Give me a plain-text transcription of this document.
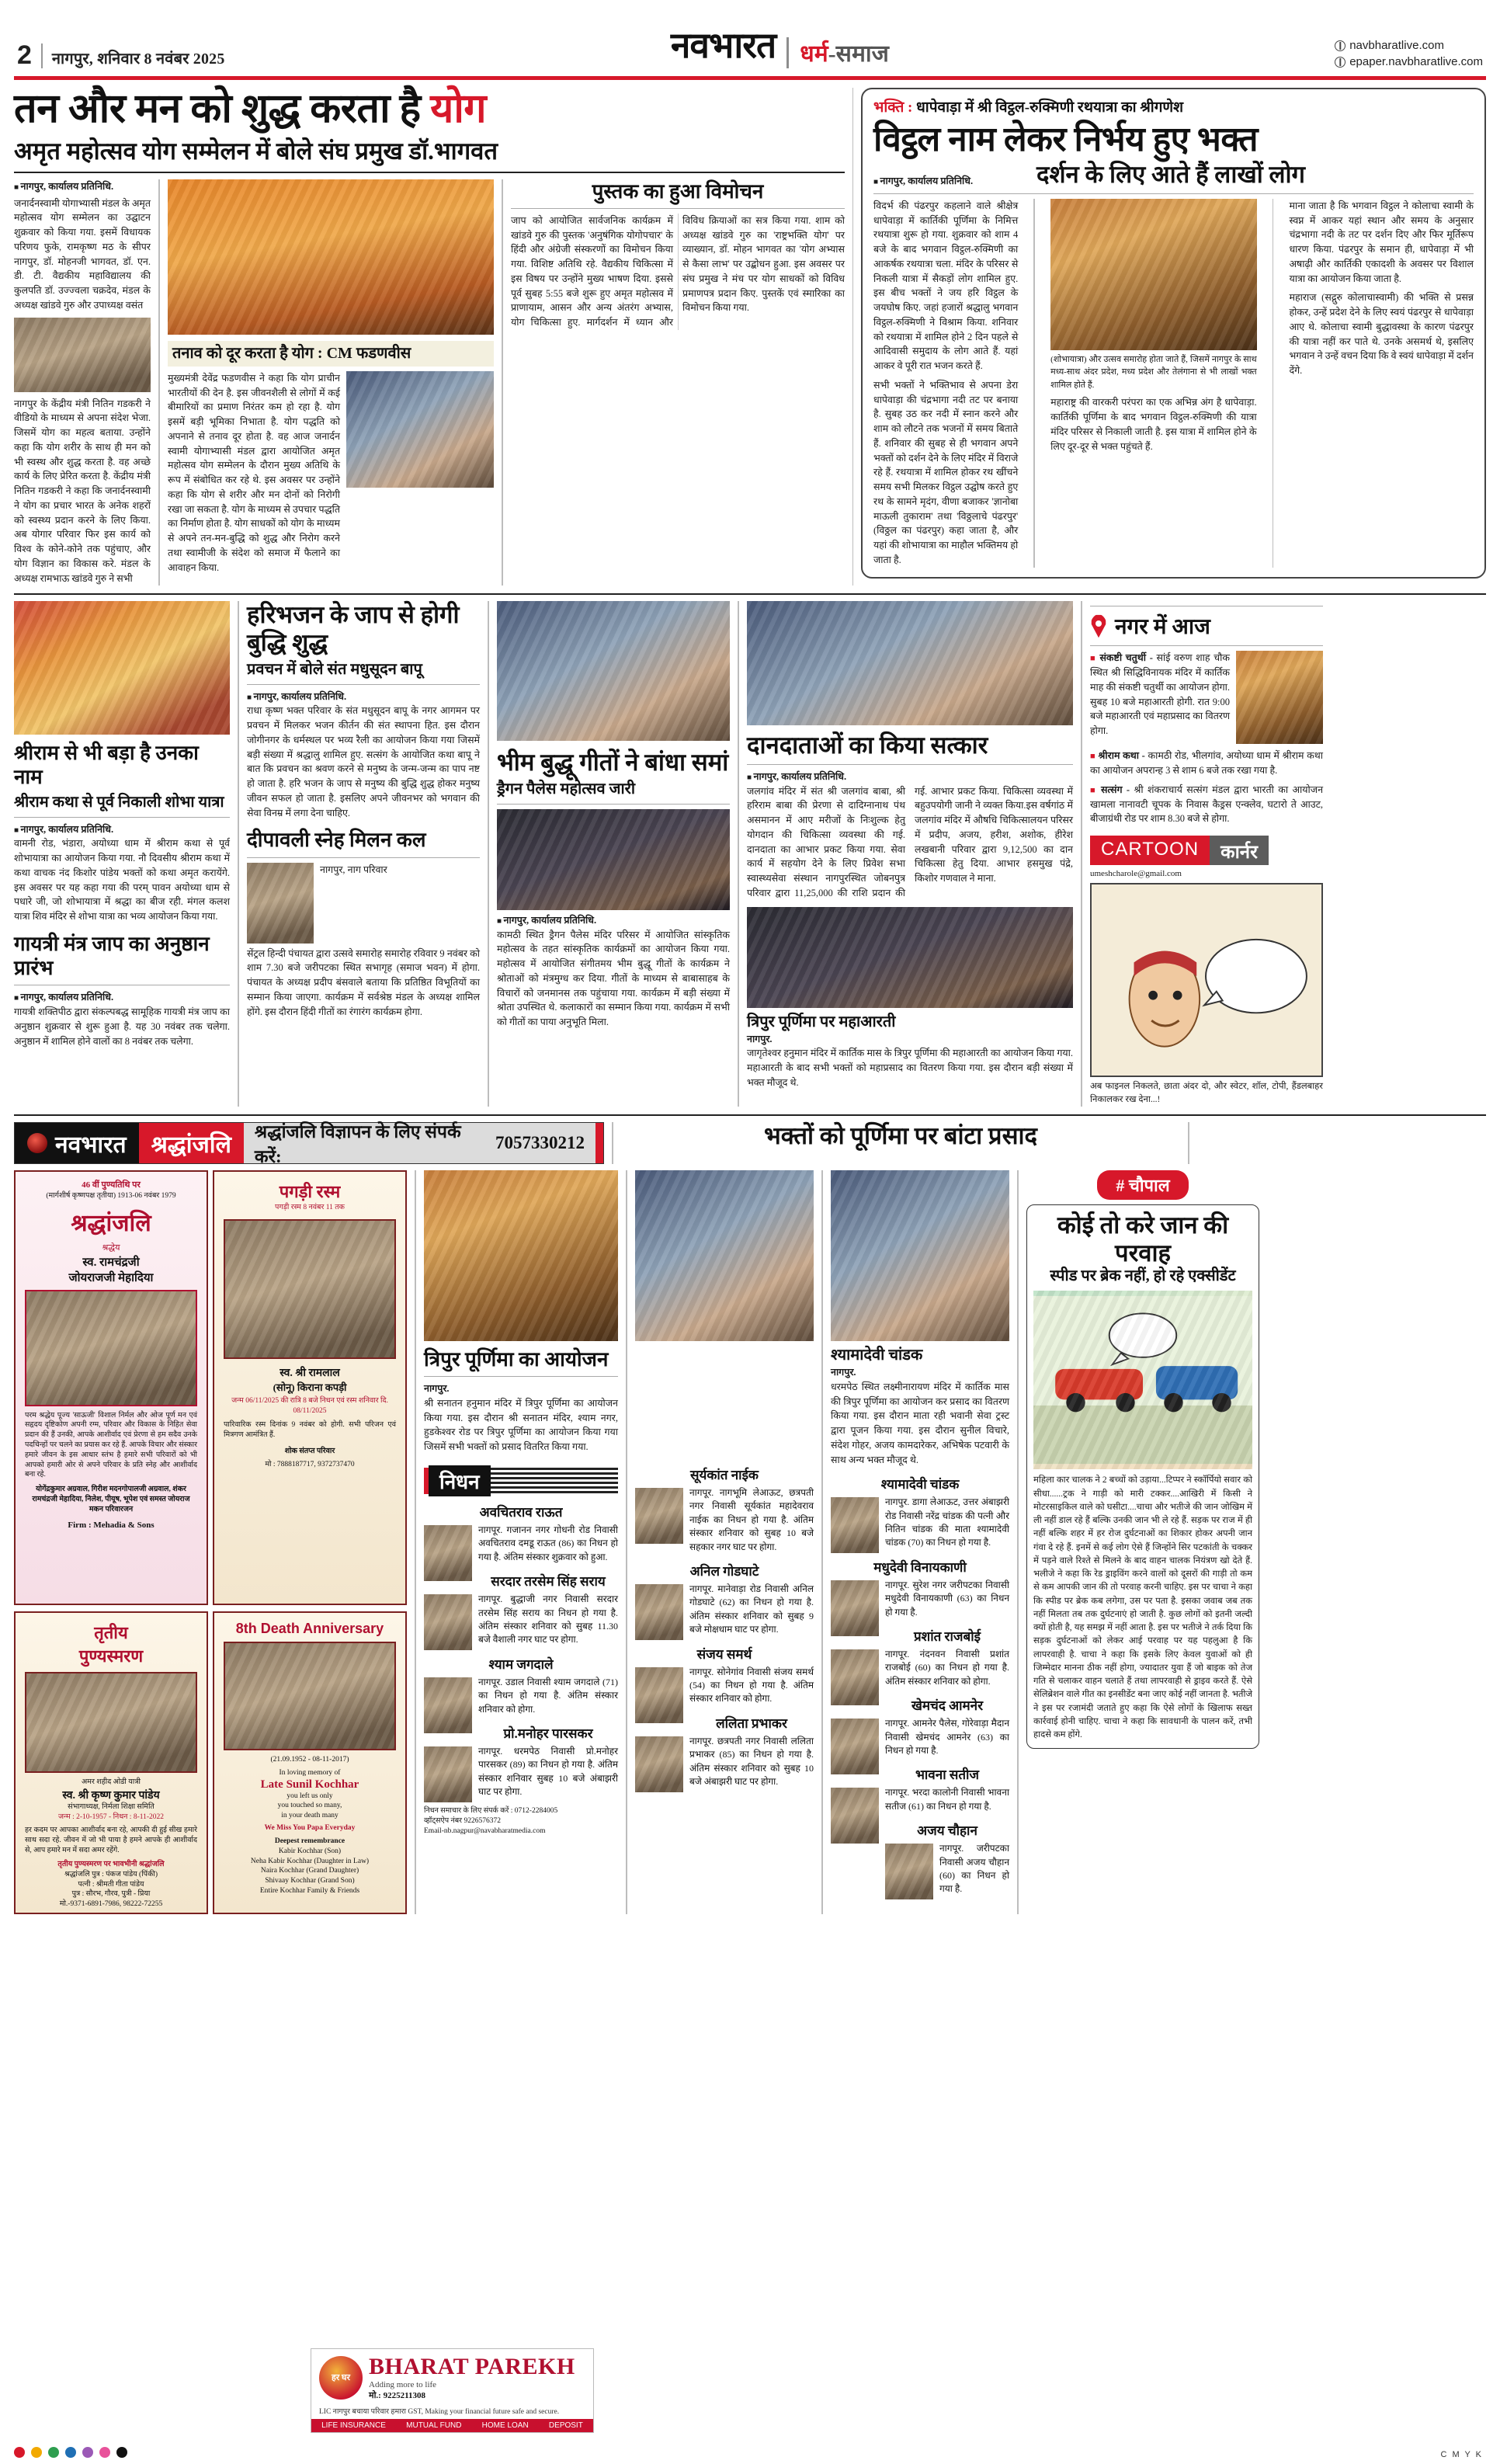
2 नागपुर, शनिवार 8 नवंबर 2025	नवभारत धर्म-समाज	navbharatlive.com
epaper.navbharatlive.com
तन और मन को शुद्ध करता है योग
अमृत महोत्सव योग सम्मेलन में बोले संघ प्रमुख डॉ.भागवत
■ नागपुर, कार्यालय प्रतिनिधि.
जनार्दनस्वामी योगाभ्यासी मंडल के अमृत महोत्सव योग सम्मेलन का उद्घाटन शुक्रवार को किया गया. इसमें विधायक परिणय फुके, रामकृष्ण मठ के सीपर नागपुर, डॉ. मोहनजी भागवत, डॉ. एन. डी. टी. वैद्यकीय महाविद्यालय की कुलपति डॉ. उज्ज्वला चक्रदेव, मंडल के अध्यक्ष खांडवे गुरु और उपाध्यक्ष वसंत
नागपुर के केंद्रीय मंत्री नितिन गडकरी ने वीडियो के माध्यम से अपना संदेश भेजा. जिसमें योग का महत्व बताया. उन्होंने कहा कि योग शरीर के साथ ही मन को भी स्वस्थ और शुद्ध करता है. वह अच्छे कार्य के लिए प्रेरित करता है. केंद्रीय मंत्री नितिन गडकरी ने कहा कि जनार्दनस्वामी ने योग का प्रचार भारत के अनेक शहरों को स्वस्थ्य प्रदान करने के लिए किया. अब योगार परिवार फिर इस कार्य को विश्व के कोने-कोने तक पहुंचाए, और योग विज्ञान का विकास करे. मंडल के अध्यक्ष रामभाऊ खांडवे गुरु ने सभी
तनाव को दूर करता है योग : CM फडणवीस
मुख्यमंत्री देवेंद्र फडणवीस ने कहा कि योग प्राचीन भारतीयों की देन है. इस जीवनशैली से लोगों में कई बीमारियों का प्रमाण निरंतर कम हो रहा है. योग इसमें बड़ी भूमिका निभाता है. योग पद्धति को अपनाने से तनाव दूर होता है. वह आज जनार्दन स्वामी योगाभ्यासी मंडल द्वारा आयोजित अमृत महोत्सव योग सम्मेलन के दौरान मुख्य अतिथि के रूप में संबोधित कर रहे थे. इस अवसर पर उन्होंने कहा कि योग से शरीर और मन दोनों को निरोगी रखा जा सकता है. योग के माध्यम से उपचार पद्धति का निर्माण होता है. योग साधकों को योग के माध्यम से अपने तन-मन-बुद्धि को शुद्ध और निरोग करने तथा स्वामीजी के संदेश को समाज में फैलाने का आवाहन किया.
पुस्तक का हुआ विमोचन
जाप को आयोजित सार्वजनिक कार्यक्रम में खांडवे गुरु की पुस्तक 'अनुषंगिक योगोपचार' के हिंदी और अंग्रेजी संस्करणों का विमोचन किया गया. विशिष्ट अतिथि रहे. वैद्यकीय चिकित्सा में इस विषय पर उन्होंने मुख्य भाषण दिया. इससे पूर्व सुबह 5:55 बजे शुरू हुए अमृत महोत्सव में प्राणायाम, आसन और अन्य अंतरंग अभ्यास, योग चिकित्सा हुए. मार्गदर्शन में ध्यान और विविध क्रियाओं का सत्र किया गया. शाम को अध्यक्ष खांडवे गुरु का 'राष्ट्रभक्ति योग' पर व्याख्यान, डॉ. मोहन भागवत का 'योग अभ्यास से कैसा लाभ' पर उद्बोधन हुआ. इस अवसर पर संघ प्रमुख ने मंच पर योग साधकों को विविध प्रमाणपत्र प्रदान किए. पुस्तकें एवं स्मारिका का विमोचन किया गया.
भक्ति : धापेवाड़ा में श्री विट्ठल-रुक्मिणी रथयात्रा का श्रीगणेश
विट्ठल नाम लेकर निर्भय हुए भक्त
■ नागपुर, कार्यालय प्रतिनिधि.	दर्शन के लिए आते हैं लाखों लोग
विदर्भ की पंढरपुर कहलाने वाले श्रीक्षेत्र धापेवाड़ा में कार्तिकी पूर्णिमा के निमित्त रथयात्रा शुरू हो गया. शुक्रवार को शाम 4 बजे के बाद भगवान विट्ठल-रुक्मिणी का आकर्षक रथयात्रा चला. मंदिर के परिसर से निकली यात्रा में सैकड़ों लोग शामिल हुए. इस बीच भक्तों ने जय हरि विट्ठल के जयघोष किए. जहां हजारों श्रद्धालु भगवान विट्ठल-रुक्मिणी ने विश्राम किया. शनिवार को रथयात्रा में शामिल होने 2 दिन पहले से आदिवासी समुदाय के लोग आते हैं. यहां आकर वे पूरी रात भजन करते हैं.
सभी भक्तों ने भक्तिभाव से अपना डेरा धापेवाड़ा की चंद्रभागा नदी तट पर बनाया है. सुबह उठ कर नदी में स्नान करने और शाम को लौटने तक भजनों में समय बिताते हैं. शनिवार की सुबह से ही भगवान अपने भक्तों को दर्शन देने के लिए मंदिर में विराजे रहे हैं. रथयात्रा में शामिल होकर रथ खींचने समय सभी मिलकर विट्ठल उद्घोष करते हुए रथ के सामने मृदंग, वीणा बजाकर 'ज्ञानोबा माऊली तुकाराम' तथा 'विठ्ठलाचे पंढरपुर' (विठ्ठल का पंढरपुर) कहा जाता है, और यहां की शोभायात्रा का माहौल भक्तिमय हो जाता है.
(शोभायात्रा) और उत्सव समारोह होता जाते हैं, जिसमें नागपुर के साथ मध्य-साथ अंदर प्रदेश, मध्य प्रदेश और तेलंगाना से भी लाखों भक्त शामिल होते हैं.
महाराष्ट्र की वारकरी परंपरा का एक अभिन्न अंग है धापेवाड़ा. कार्तिकी पूर्णिमा के बाद भगवान विट्ठल-रुक्मिणी की यात्रा मंदिर परिसर से निकाली जाती है. इस यात्रा में शामिल होने के लिए दूर-दूर से भक्त पहुंचते हैं.
माना जाता है कि भगवान विट्ठल ने कोलाचा स्वामी के स्वप्न में आकर यहां स्थान और समय के अनुसार चंद्रभागा नदी के तट पर दर्शन दिए और फिर मूर्तिरूप धारण किया. पंढरपुर के समान ही, धापेवाड़ा में भी अषाढ़ी और कार्तिकी एकादशी के अवसर पर विशाल यात्रा का आयोजन किया जाता है.
महाराज (सद्गुरु कोलाचास्वामी) की भक्ति से प्रसन्न होकर, उन्हें प्रदेश देने के लिए स्वयं पंढरपुर से धापेवाड़ा आए थे. कोलाचा स्वामी बुद्धावस्था के कारण पंढरपुर की यात्रा नहीं कर पाते थे. उनके असमर्थ थे, इसलिए भगवान ने उन्हें वचन दिया कि वे स्वयं धापेवाड़ा में दर्शन देंगे.
श्रीराम से भी बड़ा है उनका नाम
श्रीराम कथा से पूर्व निकाली शोभा यात्रा
■ नागपुर, कार्यालय प्रतिनिधि.
वामनी रोड, भंडारा, अयोध्या धाम में श्रीराम कथा से पूर्व शोभायात्रा का आयोजन किया गया. नौ दिवसीय श्रीराम कथा में कथा वाचक नंद किशोर पांडेय भक्तों को कथा अमृत करायेंगे. इस अवसर पर यह कहा गया की परम् पावन अयोध्या धाम से पधारे जी, जो शोभायात्रा में श्रद्धा का बीज रही. मंगल कलश यात्रा शिव मंदिर से शोभा यात्रा का भव्य आयोजन किया गया.
गायत्री मंत्र जाप का अनुष्ठान प्रारंभ
■ नागपुर, कार्यालय प्रतिनिधि.
गायत्री शक्तिपीठ द्वारा संकल्पबद्ध सामूहिक गायत्री मंत्र जाप का अनुष्ठान शुक्रवार से शुरू हुआ है. यह 30 नवंबर तक चलेगा. अनुष्ठान में शामिल होने वालों का 8 नवंबर तक चलेगा.
हरिभजन के जाप से होगी बुद्धि शुद्ध
प्रवचन में बोले संत मधुसूदन बापू
■ नागपुर, कार्यालय प्रतिनिधि.
राधा कृष्ण भक्त परिवार के संत मधुसूदन बापू के नगर आगमन पर प्रवचन में मिलकर भजन कीर्तन की संत स्थापना हित. इस दौरान जोगीनगर के धर्मस्थल पर भव्य रैली का आयोजन किया गया जिसमें बड़ी संख्या में श्रद्धालु शामिल हुए. सत्संग के आयोजित कथा बापू ने बात कि प्रवचन का श्रवण करने से मनुष्य के जन्म-जन्म का पाप नष्ट हो जाता है. हरि भजन के जाप से मनुष्य की बुद्धि शुद्ध होकर मनुष्य जीवन सफल हो जाता है. इसलिए अपने जीवनभर को भगवान की सेवा विनम्र में लगा देना चाहिए.
दीपावली स्नेह मिलन कल
नागपुर, नाग परिवार
सेंट्रल हिन्दी पंचायत द्वारा उत्सवे समारोह समारोह रविवार 9 नवंबर को शाम 7.30 बजे जरीपटका स्थित सभागृह (समाज भवन) में होगा. पंचायत के अध्यक्ष प्रदीप बंसवाले बताया कि प्रतिष्ठित विभूतियों का सम्मान किया जाएगा. कार्यक्रम में सर्वश्रेष्ठ मंडल के अध्यक्ष शामिल होंगे. इस दौरान हिंदी गीतों का रंगारंग कार्यक्रम होगा.
भीम बुद्धू गीतों ने बांधा समां
ड्रैगन पैलेस महोत्सव जारी
■ नागपुर, कार्यालय प्रतिनिधि.
कामठी स्थित ड्रैगन पैलेस मंदिर परिसर में आयोजित सांस्कृतिक महोत्सव के तहत सांस्कृतिक कार्यक्रमों का आयोजन किया गया. महोत्सव में आयोजित संगीतमय भीम बुद्धू गीतों के कार्यक्रम ने श्रोताओं को मंत्रमुग्ध कर दिया. गीतों के माध्यम से बाबासाहब के विचारों को जनमानस तक पहुंचाया गया. कार्यक्रम में बड़ी संख्या में श्रोता उपस्थित थे. कलाकारों का सम्मान किया गया. कार्यक्रम में सभी को गीतों का पाया अनुभूति मिला.
दानदाताओं का किया सत्कार
■ नागपुर, कार्यालय प्रतिनिधि.
जलगांव मंदिर में संत श्री जलगांव बाबा, श्री हरिराम बाबा की प्रेरणा से दादिग्नानाथ पंथ असमानन में आए मरीजों के निःशुल्क हेतु योगदान की चिकित्सा व्यवस्था की गई. दानदाता का आभार प्रकट किया गया. सेवा कार्य में सहयोग देने के लिए प्रिवेश सभा स्वास्थ्यसेवा संस्थान नागपुरस्थित जोबनपुत्र परिवार द्वारा 11,25,000 की राशि प्रदान की गई. आभार प्रकट किया. चिकित्सा व्यवस्था में बहुउपयोगी जानी ने व्यक्त किया.इस वर्षगांठ में जलगांव मंदिर में औषधि चिकित्सालयन परिसर में प्रदीप, अजय, हरीश, अशोक, हीरेश लखबानी परिवार द्वारा 9,12,500 का दान चिकित्सा हेतु दिया. आभार हसमुख पंद्रे, किशोर गणवाल ने माना.
त्रिपुर पूर्णिमा पर महाआरती
नागपुर.
जागृतेश्वर हनुमान मंदिर में कार्तिक मास के त्रिपुर पूर्णिमा की महाआरती का आयोजन किया गया. महाआरती के बाद सभी भक्तों को महाप्रसाद का वितरण किया गया. इस दौरान बड़ी संख्या में भक्त मौजूद थे.
नगर में आज
■ संकष्टी चतुर्थी - सांई वरुण शाह चौक स्थित श्री सिद्धिविनायक मंदिर में कार्तिक माह की संकष्टी चतुर्थी का आयोजन होगा. सुबह 10 बजे महाआरती होगी. रात 9:00 बजे महाआरती एवं महाप्रसाद का वितरण होगा.
■ श्रीराम कथा - कामठी रोड, भीलगांव, अयोध्या धाम में श्रीराम कथा का आयोजन अपरान्ह 3 से शाम 6 बजे तक रखा गया है.
■ सत्संग - श्री शंकराचार्य सत्संग मंडल द्वारा भारती का आयोजन खामला नानावटी चूपक के निवास कैड्रस एन्क्लेव, घटारो ते आउट, बीजाग्रंथी रोड पर शाम 8.30 बजे से होगा.
CARTOON	कार्नर
umeshcharole@gmail.com
अब फाइनल निकलते, छाता अंदर दो, और स्वेटर, शॉल, टोपी, हैंडलबाहर निकालकर रख देना...!
नवभारत	श्रद्धांजलि	श्रद्धांजलि विज्ञापन के लिए संपर्क करें:

7057330212	भक्तों को पूर्णिमा पर बांटा प्रसाद
46 वीं पुण्यतिथि पर
(मार्गशीर्ष कृष्णपक्ष तृतीया) 1913-06 नवंबर 1979
श्रद्धांजलि
श्रद्धेय
स्व. रामचंद्रजी
जोयराजजी मेहादिया
परम श्रद्धेय पूज्य 'साऊजी' विशाल निर्मल और ओज पूर्ण मन एवं सहृदय दृष्टिकोण अपनी रग्म, परिवार और विकास के निहित सेवा प्रदान की हैं उनकी, आपके आशीर्वाद एवं प्रेरणा से हम सदैव उनके पदचिन्हों पर चलने का प्रयास कर रहे हैं. आपके विचार और संस्कार हमारे जीवन के इस आधार स्तंभ है हमारे सभी परिवारों को भी आपको हमारी ओर से अपने परिवार के प्रति स्नेह और आशीर्वाद बना रहे.
योगेंद्रकुमार अग्रवाल, गिरीश मदनगोपालजी अग्रवाल, शंकर रामचंद्रजी मेहादिया, निलेश, पीयूष, भूपेश एवं समस्त जोयराज मकन परिवारजन
Firm : Mehadia & Sons
तृतीय
पुण्यस्मरण
अमर शहीद ओडी यात्री
स्व. श्री कृष्ण कुमार पांडेय
संभागाध्यक्ष, निर्मला शिक्षा समिति
जन्म : 2-10-1957 - निधन : 8-11-2022
हर कदम पर आपका आशीर्वाद बना रहे, आपकी दी हुई सीख हमारे साथ सदा रहे. जीवन में जो भी पाया है हमने आपके ही आशीर्वाद से, आप हमारे मन में सदा अमर रहेंगे.
तृतीय पुण्यस्मरण पर भावभीनी श्रद्धांजलि
श्रद्धांजलि पुत्र : पंकज पांडेय (पिंकी)
पत्नी : श्रीमती गीता पांडेय
पुत्र : सौरभ, गौरव, पुत्री - प्रिया
मो.-9371-6891-7986, 98222-72255
पगड़ी रस्म
पगड़ी रस्म 8 नवंबर 11 तक
स्व. श्री रामलाल
(सोनू) किराना कपड़ी
जन्म 06/11/2025 की रात्रि 8 बजे निधन एवं रस्म शनिवार दि. 08/11/2025
पारिवारिक रस्म दिनांक 9 नवंबर को होगी. सभी परिजन एवं मित्रगण आमंत्रित हैं.
शोक संतप्त परिवार
मो : 7888187717, 9372737470
8th Death Anniversary
(21.09.1952 - 08-11-2017)
In loving memory of
Late Sunil Kochhar
you left us only
you touched so many,
in your death many
We Miss You Papa Everyday
Deepest remembrance
Kabir Kochhar (Son)
Neha Kabir Kochhar (Daughter in Law)
Naira Kochhar (Grand Daughter)
Shivaay Kochhar (Grand Son)
Entire Kochhar Family & Friends
त्रिपुर पूर्णिमा का आयोजन
नागपुर.
श्री सनातन हनुमान मंदिर में त्रिपुर पूर्णिमा का आयोजन किया गया. इस दौरान श्री सनातन मंदिर, श्याम नगर, हुडकेश्वर रोड पर त्रिपुर पूर्णिमा का आयोजन किया गया जिसमें सभी भक्तों को प्रसाद वितरित किया गया.
निधन
अवचितराव राऊत
नागपूर. गजानन नगर गोधनी रोड निवासी अवचितराव दमडू राऊत (86) का निधन हो गया है. अंतिम संस्कार शुक्रवार को हुआ.
सरदार तरसेम सिंह सराय
नागपूर. बुद्धाजी नगर निवासी सरदार तरसेम सिंह सराय का निधन हो गया है. अंतिम संस्कार शनिवार को सुबह 11.30 बजे वैशाली नगर घाट पर होगा.
श्याम जगदाले
नागपूर. उडाल निवासी श्याम जगदाले (71) का निधन हो गया है. अंतिम संस्कार शनिवार को होगा.
प्रो.मनोहर पारसकर
नागपूर. धरमपेठ निवासी प्रो.मनोहर पारसकर (89) का निधन हो गया है. अंतिम संस्कार शनिवार सुबह 10 बजे अंबाझरी घाट पर होगा.
निधन समाचार के लिए संपर्क करें : 0712-2284005
व्हॉट्सऐप नंबर 9226576372
Email-nb.nagpur@navabharatmedia.com
सूर्यकांत नाईक
नागपूर. नागभूमि लेआऊट, छत्रपती नगर निवासी सूर्यकांत महादेवराव नाईक का निधन हो गया है. अंतिम संस्कार शनिवार को सुबह 10 बजे सहकार नगर घाट पर होगा.
अनिल गोडघाटे
नागपूर. मानेवाड़ा रोड निवासी अनिल गोडघाटे (62) का निधन हो गया है. अंतिम संस्कार शनिवार को सुबह 9 बजे मोक्षधाम घाट पर होगा.
संजय समर्थ
नागपूर. सोनेगांव निवासी संजय समर्थ (54) का निधन हो गया है. अंतिम संस्कार शनिवार को होगा.
ललिता प्रभाकर
नागपूर. छत्रपती नगर निवासी ललिता प्रभाकर (85) का निधन हो गया है. अंतिम संस्कार शनिवार को सुबह 10 बजे अंबाझरी घाट पर होगा.
श्यामादेवी चांडक
नागपुर.
धरमपेठ स्थित लक्ष्मीनारायण मंदिर में कार्तिक मास की त्रिपुर पूर्णिमा का आयोजन कर प्रसाद का वितरण किया गया. इस दौरान माता रही भवानी सेवा ट्रस्ट द्वारा पूजन किया गया. इस दौरान सुनील विचारे, संदेश गोहर, अजय कामदारेकर, अभिषेक पटवारी के साथ अन्य भक्त मौजूद थे.
श्यामादेवी चांडक
नागपुर. डागा लेआऊट, उत्तर अंबाझरी रोड निवासी नरेंद्र चांडक की पत्नी और नितिन चांडक की माता श्यामादेवी चांडक (70) का निधन हो गया है.
मधुदेवी विनायकाणी
नागपूर. सुरेश नगर जरीपटका निवासी मधुदेवी विनायकाणी (63) का निधन हो गया है.
प्रशांत राजबोई
नागपूर. नंदनवन निवासी प्रशांत राजबोई (60) का निधन हो गया है. अंतिम संस्कार शनिवार को होगा.
खेमचंद आमनेर
नागपूर. आमनेर पैलेस, गोरेवाड़ा मैदान निवासी खेमचंद आमनेर (63) का निधन हो गया है.
भावना सतीज
नागपूर. भरदा कालोनी निवासी भावना सतीज (61) का निधन हो गया है.
अजय चौहान
नागपूर. जरीपटका निवासी अजय चौहान (60) का निधन हो गया है.
# चौपाल
कोई तो करे जान की परवाह
स्पीड पर ब्रेक नहीं, हो रहे एक्सीडेंट
महिला कार चालक ने 2 बच्चों को उड़ाया...टिप्पर ने स्कॉर्पियो सवार को सीधा......ट्रक ने गाड़ी को मारी टक्कर....आखिरी में किसी ने मोटरसाइकिल वाले को घसीटा....चाचा और भतीजे की जान जोखिम में ली नहीं डाल रहे हैं बल्कि उनकी जान भी ले रहे हैं. सड़क पर राज में ही नहीं बल्कि शहर में हर रोज दुर्घटनाओं का शिकार होकर अपनी जान गंवा दे रहे हैं. इनमें से कई लोग ऐसे हैं जिन्होंने सिर पटकांती के चक्कर में पड़ने वाले रिश्ते से मिलने के बाद वाहन चालक नियंत्रण खो देते हैं. भलीजे ने कहा कि रेड ड्राइविंग करने वालों को दूसरों की गाड़ी तो कम से कम आपकी जान की तो परवाह करनी चाहिए. इस पर चाचा ने कहा कि स्पीड पर ब्रेक कब लगेगा, उस पर पता है. इसका जवाब जब तक नहीं मिलता तब तक दुर्घटनाएं हो जाती है. कुछ लोगों को इतनी जल्दी क्यों होती है, यह समझ में नहीं आता है. इस पर भतीजे ने तर्क दिया कि सड़क दुर्घटनाओं को लेकर आई परवाह पर यह पहलुआ है कि लापरवाही है. चाचा ने कहा कि इसके लिए केवल युवाओं को ही जिम्मेदार मानना ठीक नहीं होगा, ज्यादातर युवा हैं जो बाइक को तेज गति से चलाकर वाहन चलाते हैं तथा लापरवाही से ड्राइव करते हैं. ऐसे सेलिब्रेशन वाले गीत का इनसीडेंट बना जाए कोई नहीं जानता है. भतीजे ने इस पर रजामंदी जताते हुए कहा कि ऐसे लोगों के खिलाफ सख्त कार्रवाई होनी चाहिए. चाचा ने कहा कि सावधानी के पालन करें, तभी हादसे कम होंगे.
हर घर BHARAT PAREKH
Adding more to life
मो.: 9225211308
LIC नागपुर बचाया परिवार हमारा GST, Making your financial future safe and secure.
LIFE INSURANCE	MUTUAL FUND	HOME LOAN	DEPOSIT
C M Y K
